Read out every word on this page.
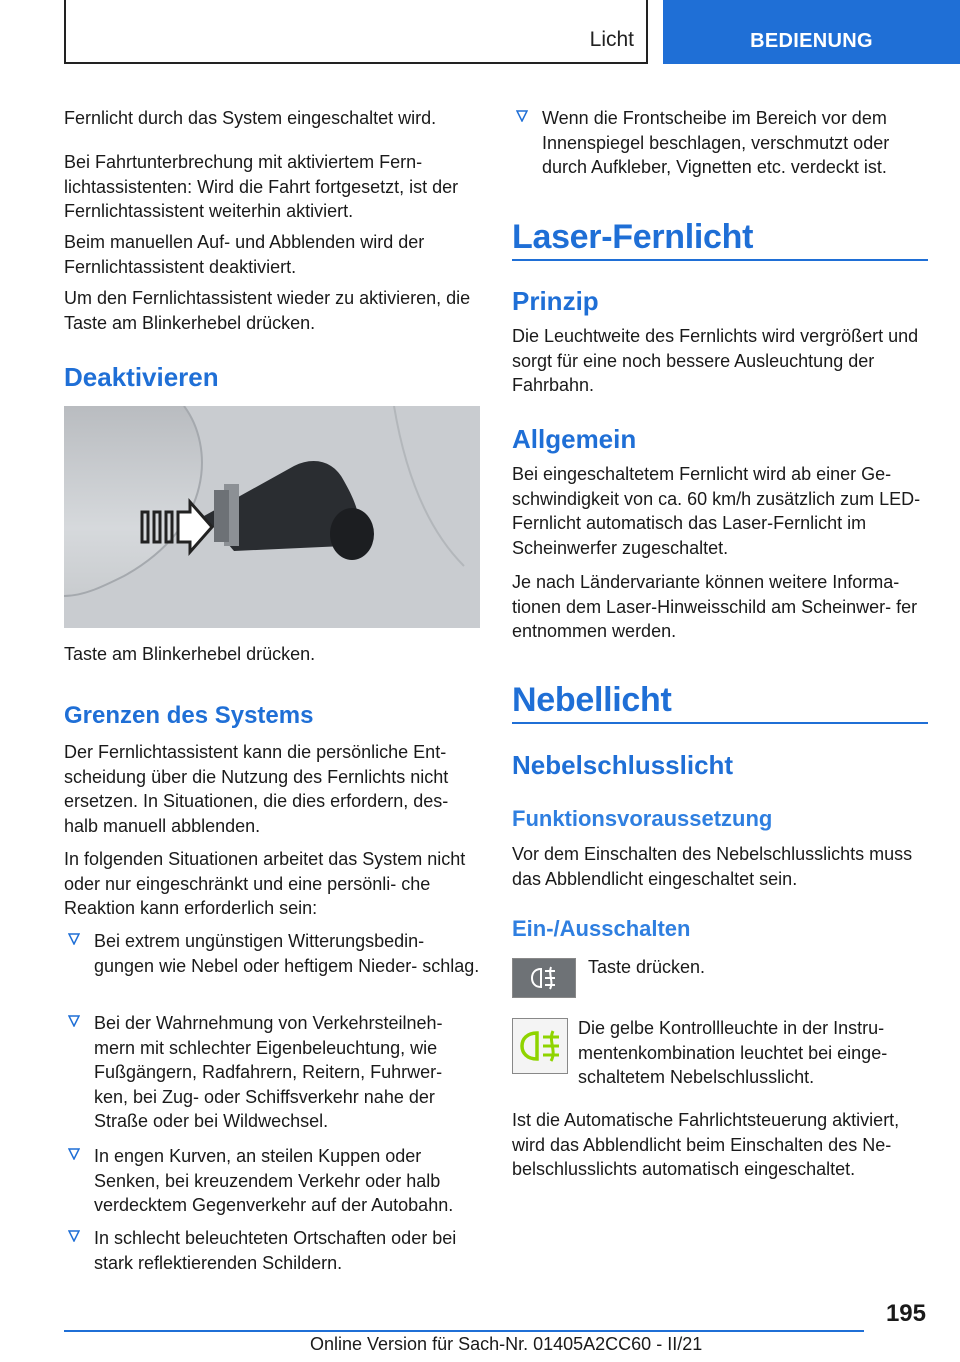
Licht	BEDIENUNG

Fernlicht durch das System eingeschaltet wird.

Bei Fahrtunterbrechung mit aktiviertem Fern- lichtassistenten: Wird die Fahrt fortgesetzt, ist der Fernlichtassistent weiterhin aktiviert.

Beim manuellen Auf- und Abblenden wird der Fernlichtassistent deaktiviert.

Um den Fernlichtassistent wieder zu aktivieren, die Taste am Blinkerhebel drücken.

Deaktivieren

Taste am Blinkerhebel drücken.

Grenzen des Systems

Der Fernlichtassistent kann die persönliche Ent- scheidung über die Nutzung des Fernlichts nicht ersetzen. In Situationen, die dies erfordern, des- halb manuell abblenden.

In folgenden Situationen arbeitet das System nicht oder nur eingeschränkt und eine persönli- che Reaktion kann erforderlich sein:

Bei extrem ungünstigen Witterungsbedin- gungen wie Nebel oder heftigem Nieder- schlag.
Bei der Wahrnehmung von Verkehrsteilneh- mern mit schlechter Eigenbeleuchtung, wie Fußgängern, Radfahrern, Reitern, Fuhrwer- ken, bei Zug- oder Schiffsverkehr nahe der Straße oder bei Wildwechsel.
In engen Kurven, an steilen Kuppen oder Senken, bei kreuzendem Verkehr oder halb verdecktem Gegenverkehr auf der Autobahn.
In schlecht beleuchteten Ortschaften oder bei stark reflektierenden Schildern.
Wenn die Frontscheibe im Bereich vor dem Innenspiegel beschlagen, verschmutzt oder durch Aufkleber, Vignetten etc. verdeckt ist.
Laser-Fernlicht
Prinzip

Die Leuchtweite des Fernlichts wird vergrößert und sorgt für eine noch bessere Ausleuchtung der Fahrbahn.

Allgemein

Bei eingeschaltetem Fernlicht wird ab einer Ge- schwindigkeit von ca. 60 km/h zusätzlich zum LED-Fernlicht automatisch das Laser-Fernlicht im Scheinwerfer zugeschaltet.

Je nach Ländervariante können weitere Informa- tionen dem Laser-Hinweisschild am Scheinwer- fer entnommen werden.

Nebellicht
Nebelschlusslicht
Funktionsvoraussetzung

Vor dem Einschalten des Nebelschlusslichts muss das Abblendlicht eingeschaltet sein.

Ein-/Ausschalten

Taste drücken.

Die gelbe Kontrollleuchte in der Instru- mentenkombination leuchtet bei einge- schaltetem Nebelschlusslicht.

Ist die Automatische Fahrlichtsteuerung aktiviert, wird das Abblendlicht beim Einschalten des Ne- belschlusslichts automatisch eingeschaltet.

195
Online Version für Sach-Nr. 01405A2CC60 - II/21
